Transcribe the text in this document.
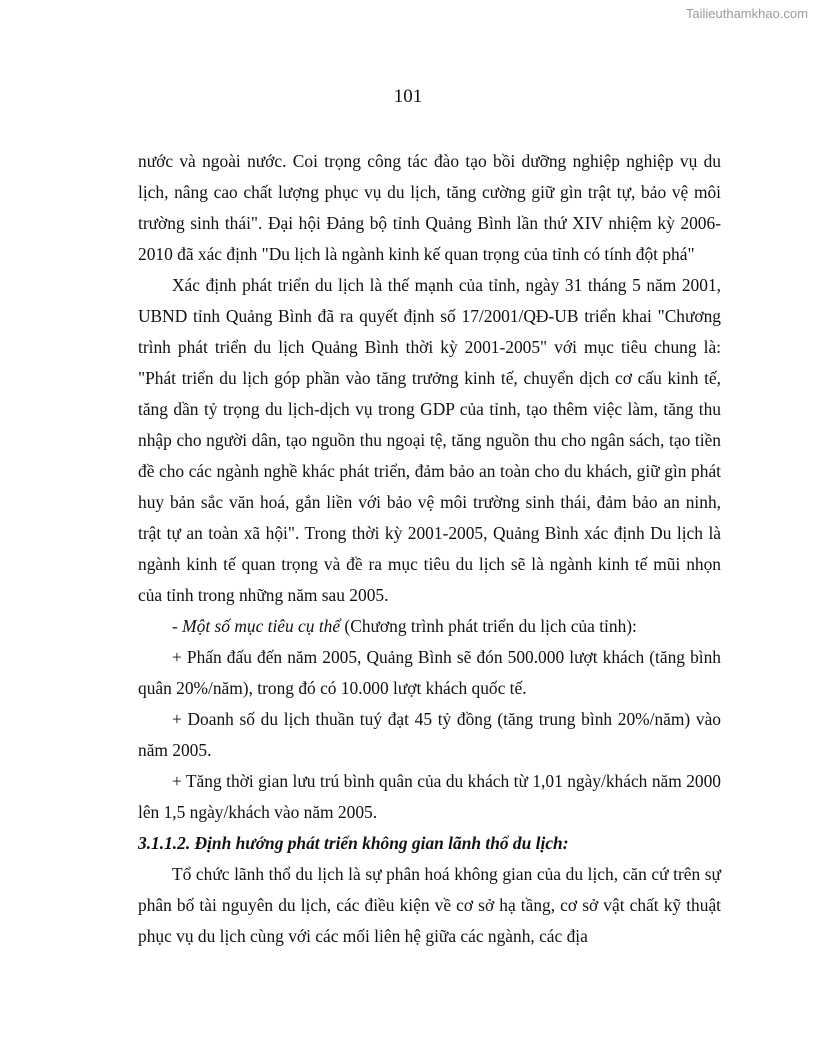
Tailieuthamkhao.com
101

nước và ngoài nước. Coi trọng công tác đào tạo bồi dưỡng nghiệp nghiệp vụ du lịch, nâng cao chất lượng phục vụ du lịch, tăng cường giữ gìn trật tự, bảo vệ môi trường sinh thái". Đại hội Đảng bộ tỉnh Quảng Bình lần thứ XIV nhiệm kỳ 2006-2010 đã xác định "Du lịch là ngành kinh kế quan trọng của tỉnh có tính đột phá"

Xác định phát triển du lịch là thế mạnh của tỉnh, ngày 31 tháng 5 năm 2001, UBND tỉnh Quảng Bình đã ra quyết định số 17/2001/QĐ-UB triển khai "Chương trình phát triển du lịch Quảng Bình thời kỳ 2001-2005" với mục tiêu chung là: "Phát triển du lịch góp phần vào tăng trưởng kinh tế, chuyển dịch cơ cấu kinh tế, tăng dần tỷ trọng du lịch-dịch vụ trong GDP của tỉnh, tạo thêm việc làm, tăng thu nhập cho người dân, tạo nguồn thu ngoại tệ, tăng nguồn thu cho ngân sách, tạo tiền đề cho các ngành nghề khác phát triển, đảm bảo an toàn cho du khách, giữ gìn phát huy bản sắc văn hoá, gắn liền với bảo vệ môi trường sinh thái, đảm bảo an ninh, trật tự an toàn xã hội". Trong thời kỳ 2001-2005, Quảng Bình xác định Du lịch là ngành kinh tế quan trọng và đề ra mục tiêu du lịch sẽ là ngành kinh tế mũi nhọn của tỉnh trong những năm sau 2005.

- Một số mục tiêu cụ thể (Chương trình phát triển du lịch của tỉnh):

+ Phấn đấu đến năm 2005, Quảng Bình sẽ đón 500.000 lượt khách (tăng bình quân 20%/năm), trong đó có 10.000 lượt khách quốc tế.

+ Doanh số du lịch thuần tuý đạt 45 tỷ đồng (tăng trung bình 20%/năm) vào năm 2005.

+ Tăng thời gian lưu trú bình quân của du khách từ 1,01 ngày/khách năm 2000 lên 1,5 ngày/khách vào năm 2005.

3.1.1.2. Định hướng phát triển không gian lãnh thổ du lịch:

Tổ chức lãnh thổ du lịch là sự phân hoá không gian của du lịch, căn cứ trên sự phân bố tài nguyên du lịch, các điều kiện về cơ sở hạ tầng, cơ sở vật chất kỹ thuật phục vụ du lịch cùng với các mối liên hệ giữa các ngành, các địa
